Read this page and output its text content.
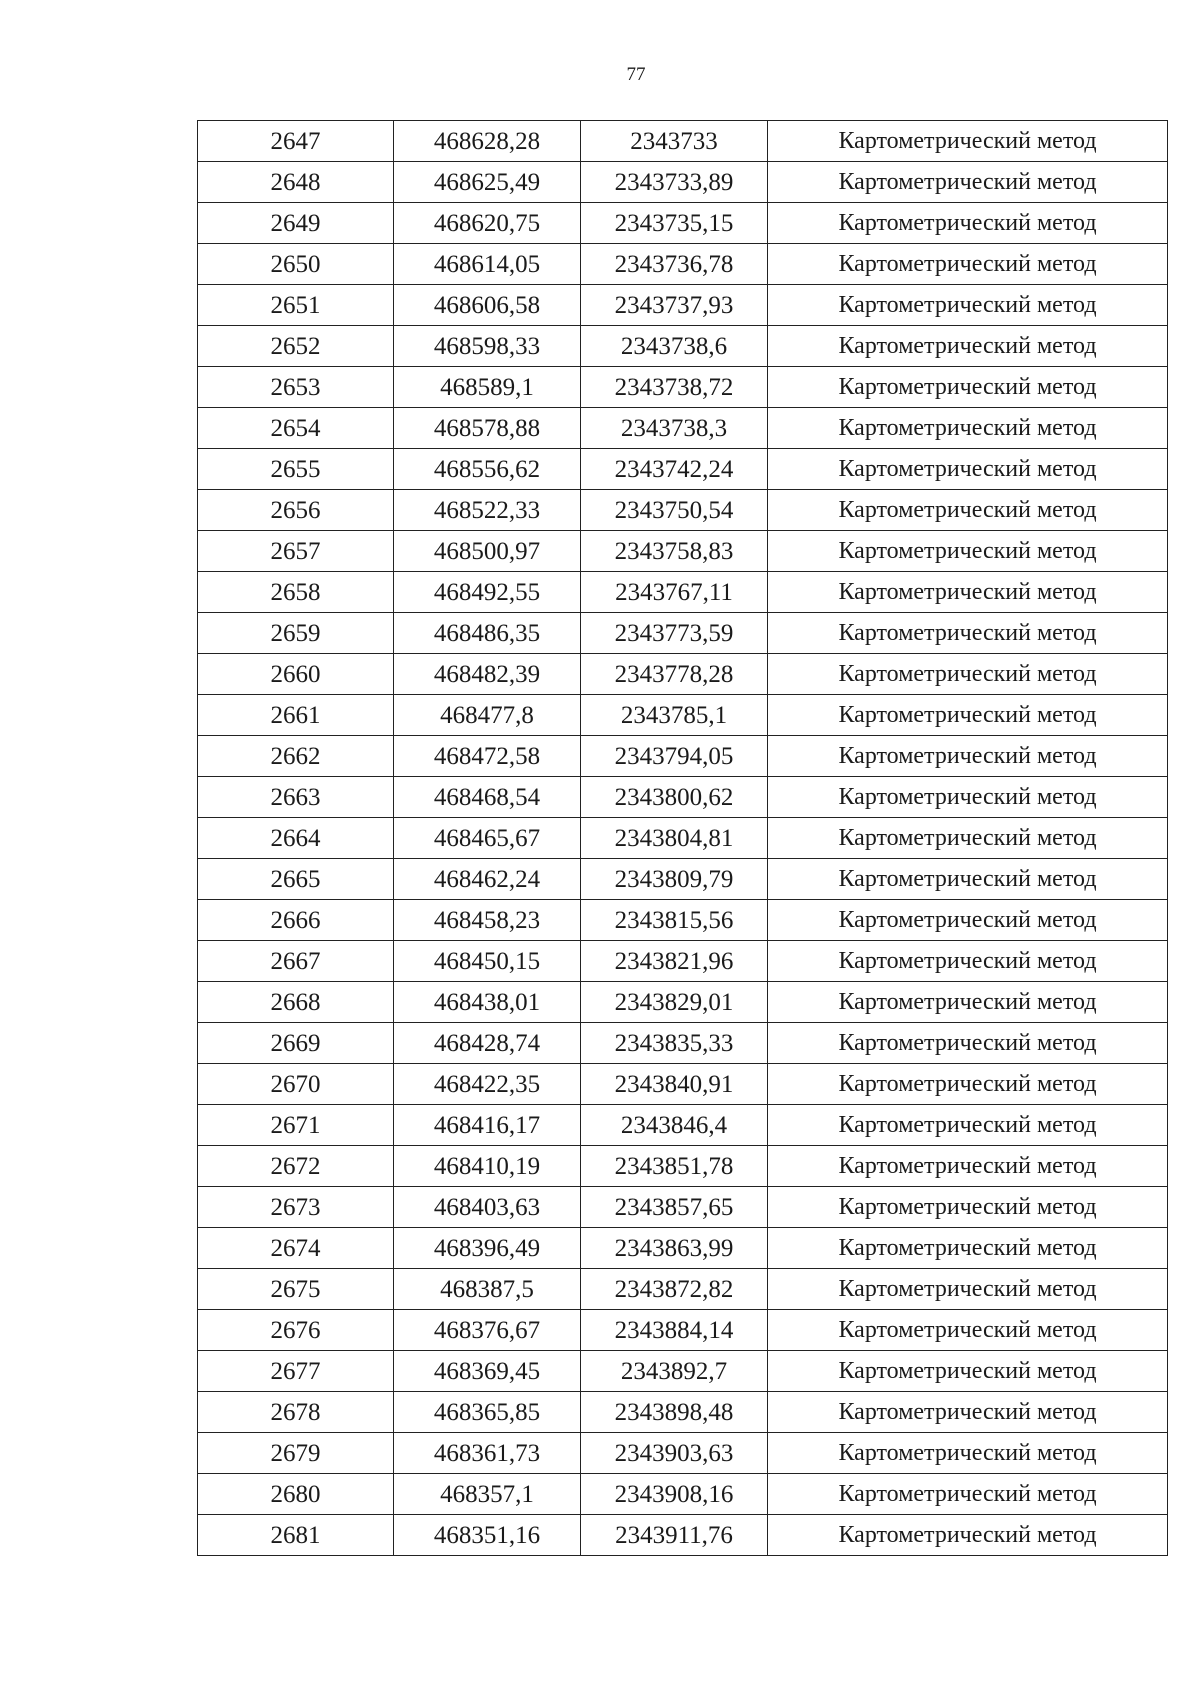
77
2647	468628,28	2343733	Картометрический метод
2648	468625,49	2343733,89	Картометрический метод
2649	468620,75	2343735,15	Картометрический метод
2650	468614,05	2343736,78	Картометрический метод
2651	468606,58	2343737,93	Картометрический метод
2652	468598,33	2343738,6	Картометрический метод
2653	468589,1	2343738,72	Картометрический метод
2654	468578,88	2343738,3	Картометрический метод
2655	468556,62	2343742,24	Картометрический метод
2656	468522,33	2343750,54	Картометрический метод
2657	468500,97	2343758,83	Картометрический метод
2658	468492,55	2343767,11	Картометрический метод
2659	468486,35	2343773,59	Картометрический метод
2660	468482,39	2343778,28	Картометрический метод
2661	468477,8	2343785,1	Картометрический метод
2662	468472,58	2343794,05	Картометрический метод
2663	468468,54	2343800,62	Картометрический метод
2664	468465,67	2343804,81	Картометрический метод
2665	468462,24	2343809,79	Картометрический метод
2666	468458,23	2343815,56	Картометрический метод
2667	468450,15	2343821,96	Картометрический метод
2668	468438,01	2343829,01	Картометрический метод
2669	468428,74	2343835,33	Картометрический метод
2670	468422,35	2343840,91	Картометрический метод
2671	468416,17	2343846,4	Картометрический метод
2672	468410,19	2343851,78	Картометрический метод
2673	468403,63	2343857,65	Картометрический метод
2674	468396,49	2343863,99	Картометрический метод
2675	468387,5	2343872,82	Картометрический метод
2676	468376,67	2343884,14	Картометрический метод
2677	468369,45	2343892,7	Картометрический метод
2678	468365,85	2343898,48	Картометрический метод
2679	468361,73	2343903,63	Картометрический метод
2680	468357,1	2343908,16	Картометрический метод
2681	468351,16	2343911,76	Картометрический метод
